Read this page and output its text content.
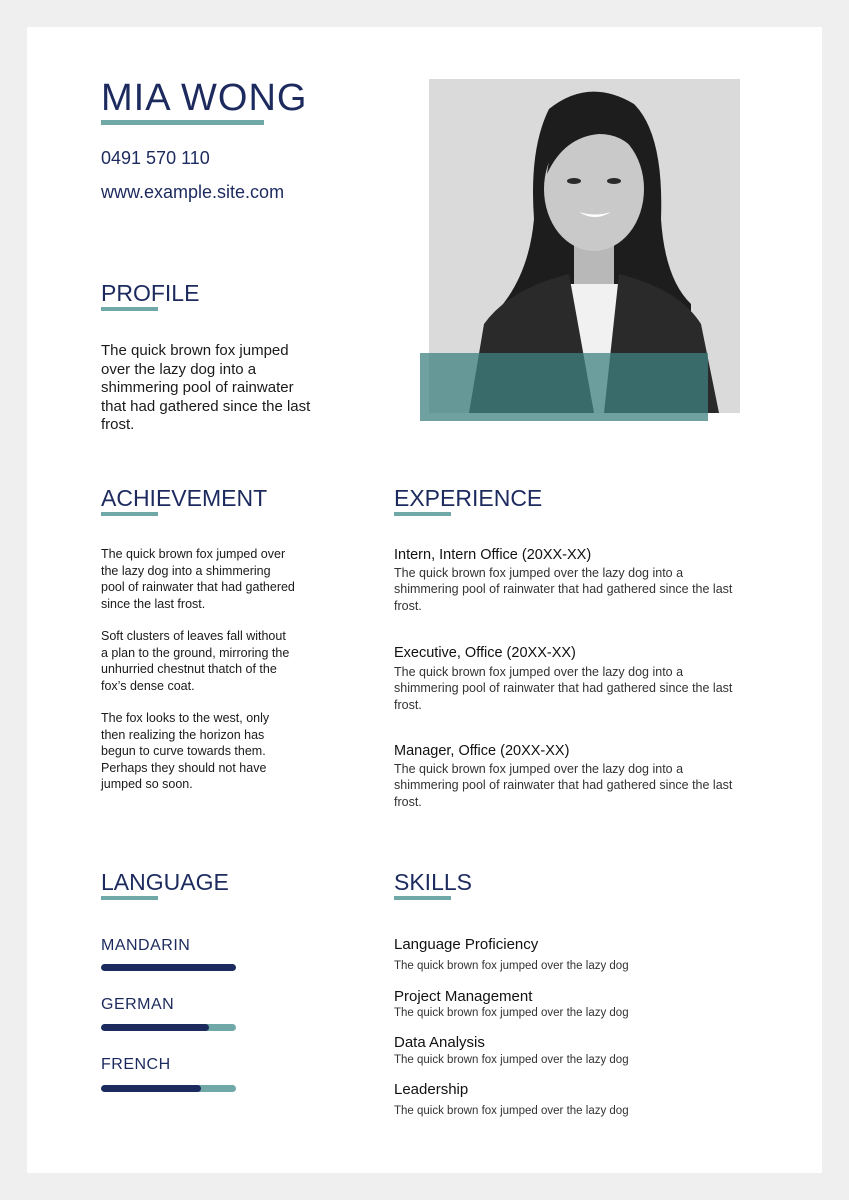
MIA WONG
0491 570 110
www.example.site.com
PROFILE
The quick brown fox jumped over the lazy dog into a shimmering pool of rainwater that had gathered since the last frost.
ACHIEVEMENT

The quick brown fox jumped over the lazy dog into a shimmering pool of rainwater that had gathered since the last frost.

Soft clusters of leaves fall without a plan to the ground, mirroring the unhurried chestnut thatch of the fox’s dense coat.

The fox looks to the west, only then realizing the horizon has begun to curve towards them. Perhaps they should not have jumped so soon.

EXPERIENCE
Intern, Intern Office (20XX-XX)
The quick brown fox jumped over the lazy dog into a shimmering pool of rainwater that had gathered since the last frost.
Executive, Office (20XX-XX)
The quick brown fox jumped over the lazy dog into a shimmering pool of rainwater that had gathered since the last frost.
Manager, Office (20XX-XX)
The quick brown fox jumped over the lazy dog into a shimmering pool of rainwater that had gathered since the last frost.
LANGUAGE
MANDARIN
GERMAN
FRENCH
SKILLS
Language Proficiency
The quick brown fox jumped over the lazy dog
Project Management
The quick brown fox jumped over the lazy dog
Data Analysis
The quick brown fox jumped over the lazy dog
Leadership
The quick brown fox jumped over the lazy dog
